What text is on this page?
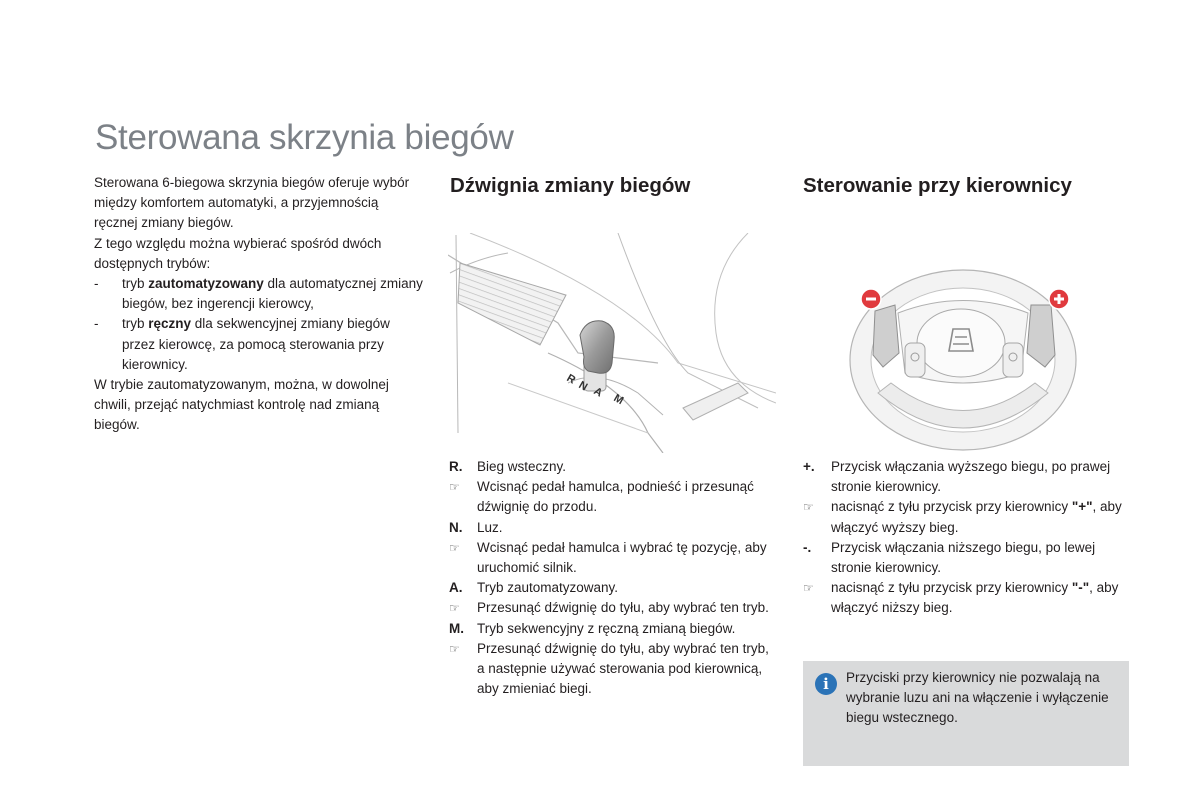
Sterowana skrzynia biegów

Sterowana 6-biegowa skrzynia biegów oferuje wybór między komfortem automatyki, a przyjemnością ręcznej zmiany biegów.

Z tego względu można wybierać spośród dwóch dostępnych trybów:

-	tryb zautomatyzowany dla automatycznej zmiany biegów, bez ingerencji kierowcy,
-	tryb ręczny dla sekwencyjnej zmiany biegów przez kierowcę, za pomocą sterowania przy kierownicy.

W trybie zautomatyzowanym, można, w dowolnej chwili, przejąć natychmiast kontrolę nad zmianą biegów.

Dźwignia zmiany biegów	Sterowanie przy kierownicy
R N A M
R.	Bieg wsteczny.
☞	Wcisnąć pedał hamulca, podnieść i przesunąć dźwignię do przodu.
N.	Luz.
☞	Wcisnąć pedał hamulca i wybrać tę pozycję, aby uruchomić silnik.
A.	Tryb zautomatyzowany.
☞	Przesunąć dźwignię do tyłu, aby wybrać ten tryb.
M. Tryb sekwencyjny z ręczną zmianą biegów.
☞	Przesunąć dźwignię do tyłu, aby wybrać ten tryb, a następnie używać sterowania pod kierownicą, aby zmieniać biegi.
+.	Przycisk włączania wyższego biegu, po prawej stronie kierownicy.
☞	nacisnąć z tyłu przycisk przy kierownicy "+", aby włączyć wyższy bieg.
-.	Przycisk włączania niższego biegu, po lewej stronie kierownicy.
☞	nacisnąć z tyłu przycisk przy kierownicy "-", aby włączyć niższy bieg.
i	Przyciski przy kierownicy nie pozwalają na wybranie luzu ani na włączenie i wyłączenie biegu wstecznego.
